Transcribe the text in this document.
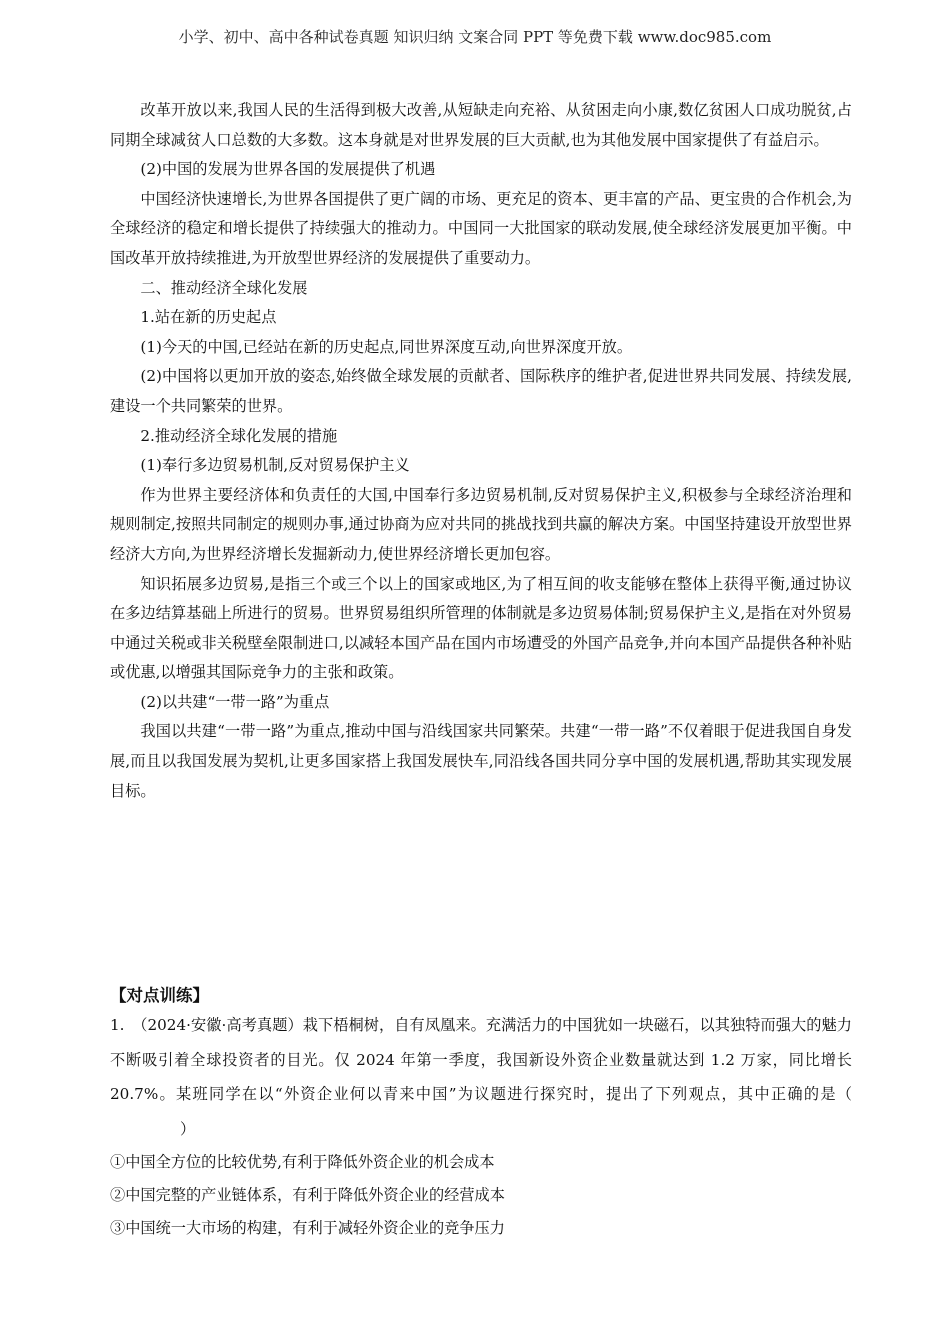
小学、初中、高中各种试卷真题 知识归纳 文案合同 PPT 等免费下载 www.doc985.com
改革开放以来,我国人民的生活得到极大改善,从短缺走向充裕、从贫困走向小康,数亿贫困人口成功脱贫,占同期全球减贫人口总数的大多数。这本身就是对世界发展的巨大贡献,也为其他发展中国家提供了有益启示。
(2)中国的发展为世界各国的发展提供了机遇
中国经济快速增长,为世界各国提供了更广阔的市场、更充足的资本、更丰富的产品、更宝贵的合作机会,为全球经济的稳定和增长提供了持续强大的推动力。中国同一大批国家的联动发展,使全球经济发展更加平衡。中国改革开放持续推进,为开放型世界经济的发展提供了重要动力。
二、推动经济全球化发展
1.站在新的历史起点
(1)今天的中国,已经站在新的历史起点,同世界深度互动,向世界深度开放。
(2)中国将以更加开放的姿态,始终做全球发展的贡献者、国际秩序的维护者,促进世界共同发展、持续发展,建设一个共同繁荣的世界。
2.推动经济全球化发展的措施
(1)奉行多边贸易机制,反对贸易保护主义
作为世界主要经济体和负责任的大国,中国奉行多边贸易机制,反对贸易保护主义,积极参与全球经济治理和规则制定,按照共同制定的规则办事,通过协商为应对共同的挑战找到共赢的解决方案。中国坚持建设开放型世界经济大方向,为世界经济增长发掘新动力,使世界经济增长更加包容。
知识拓展多边贸易,是指三个或三个以上的国家或地区,为了相互间的收支能够在整体上获得平衡,通过协议在多边结算基础上所进行的贸易。世界贸易组织所管理的体制就是多边贸易体制;贸易保护主义,是指在对外贸易中通过关税或非关税壁垒限制进口,以减轻本国产品在国内市场遭受的外国产品竞争,并向本国产品提供各种补贴或优惠,以增强其国际竞争力的主张和政策。
(2)以共建“一带一路”为重点
我国以共建“一带一路”为重点,推动中国与沿线国家共同繁荣。共建“一带一路”不仅着眼于促进我国自身发展,而且以我国发展为契机,让更多国家搭上我国发展快车,同沿线各国共同分享中国的发展机遇,帮助其实现发展目标。
【对点训练】
1.　（2024·安徽·高考真题）栽下梧桐树，自有凤凰来。充满活力的中国犹如一块磁石，以其独特而强大的魅力不断吸引着全球投资者的目光。仅 2024 年第一季度，我国新设外资企业数量就达到 1.2 万家，同比增长 20.7%。某班同学在以“外资企业何以青来中国”为议题进行探究时，提出了下列观点，其中正确的是（）
①中国全方位的比较优势,有利于降低外资企业的机会成本
②中国完整的产业链体系，有利于降低外资企业的经营成本
③中国统一大市场的构建，有利于减轻外资企业的竞争压力
